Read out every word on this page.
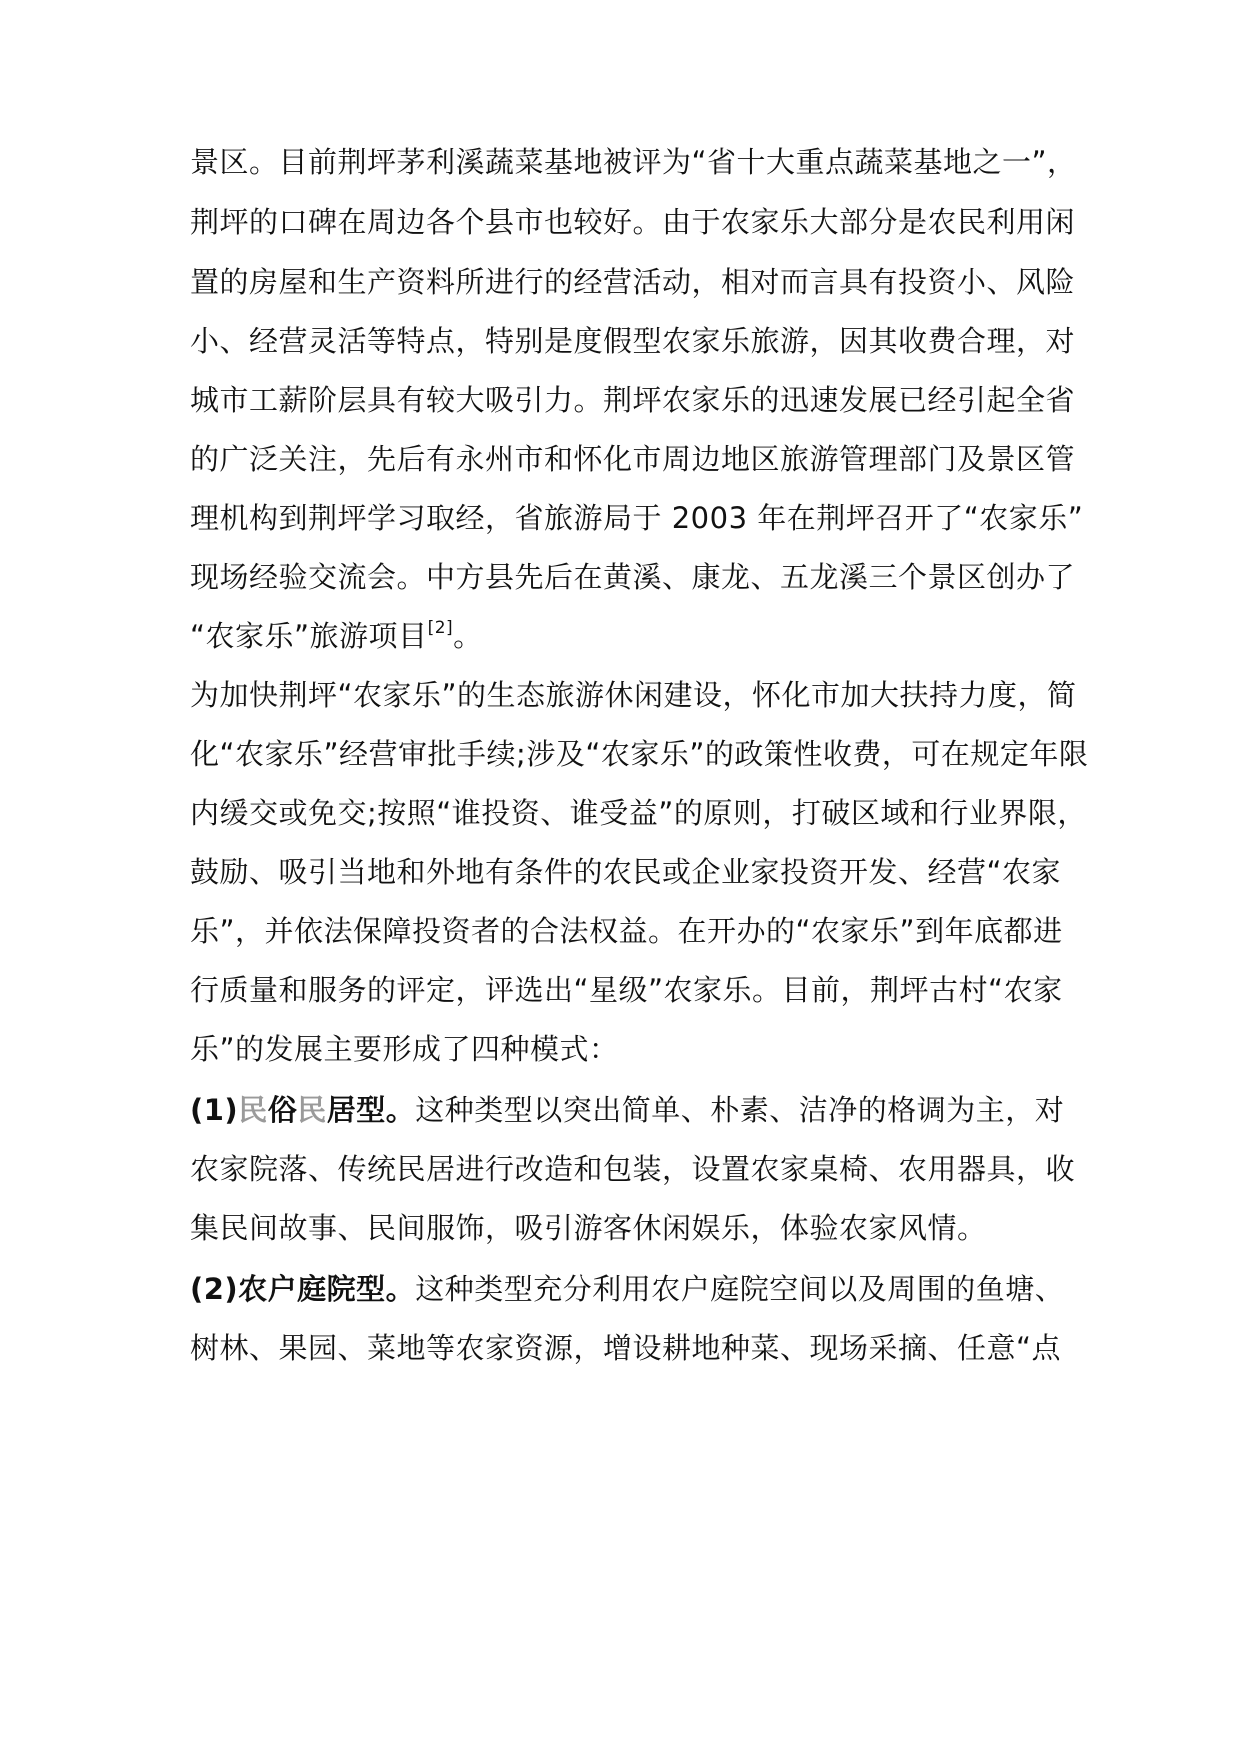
景区。目前荆坪茅利溪蔬菜基地被评为“省十大重点蔬菜基地之一”，
荆坪的口碑在周边各个县市也较好。由于农家乐大部分是农民利用闲
置的房屋和生产资料所进行的经营活动，相对而言具有投资小、风险
小、经营灵活等特点，特别是度假型农家乐旅游，因其收费合理，对
城市工薪阶层具有较大吸引力。荆坪农家乐的迅速发展已经引起全省
的广泛关注，先后有永州市和怀化市周边地区旅游管理部门及景区管
理机构到荆坪学习取经，省旅游局于 2003 年在荆坪召开了“农家乐”
现场经验交流会。中方县先后在黄溪、康龙、五龙溪三个景区创办了
“农家乐”旅游项目[2]。
为加快荆坪“农家乐”的生态旅游休闲建设，怀化市加大扶持力度，简
化“农家乐”经营审批手续;涉及“农家乐”的政策性收费，可在规定年限
内缓交或免交;按照“谁投资、谁受益”的原则，打破区域和行业界限，
鼓励、吸引当地和外地有条件的农民或企业家投资开发、经营“农家
乐”，并依法保障投资者的合法权益。在开办的“农家乐”到年底都进
行质量和服务的评定，评选出“星级”农家乐。目前，荆坪古村“农家
乐”的发展主要形成了四种模式：
(1)民俗民居型。这种类型以突出简单、朴素、洁净的格调为主，对
农家院落、传统民居进行改造和包装，设置农家桌椅、农用器具，收
集民间故事、民间服饰，吸引游客休闲娱乐，体验农家风情。
(2)农户庭院型。这种类型充分利用农户庭院空间以及周围的鱼塘、
树林、果园、菜地等农家资源，增设耕地种菜、现场采摘、任意“点
